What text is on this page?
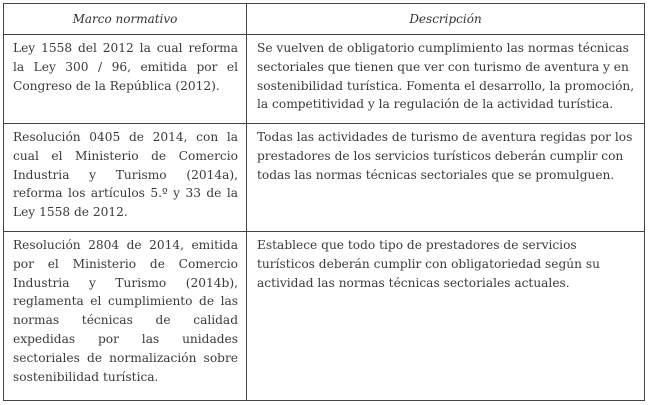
Marco normativo	Descripción

Ley 1558 del 2012 la cual reforma la Ley 300 / 96, emitida por el Congreso de la República (2012).	Se vuelven de obligatorio cumplimiento las normas técnicas sectoriales que tienen que ver con turismo de aventura y en sostenibilidad turística. Fomenta el desarrollo, la promoción, la competitividad y la regulación de la actividad turística.

Resolución 0405 de 2014, con la cual el Ministerio de Comercio Industria y Turismo (2014a), reforma los artículos 5.º y 33 de la Ley 1558 de 2012.	Todas las actividades de turismo de aventura regidas por los prestadores de los servicios turísticos deberán cumplir con todas las normas técnicas sectoriales que se promulguen.

Resolución 2804 de 2014, emitida por el Ministerio de Comercio Industria y Turismo (2014b), reglamenta el cumplimiento de las normas técnicas de calidad expedidas por las unidades sectoriales de normalización sobre sostenibilidad turística.	Establece que todo tipo de prestadores de servicios turísticos deberán cumplir con obligatoriedad según su actividad las normas técnicas sectoriales actuales.
